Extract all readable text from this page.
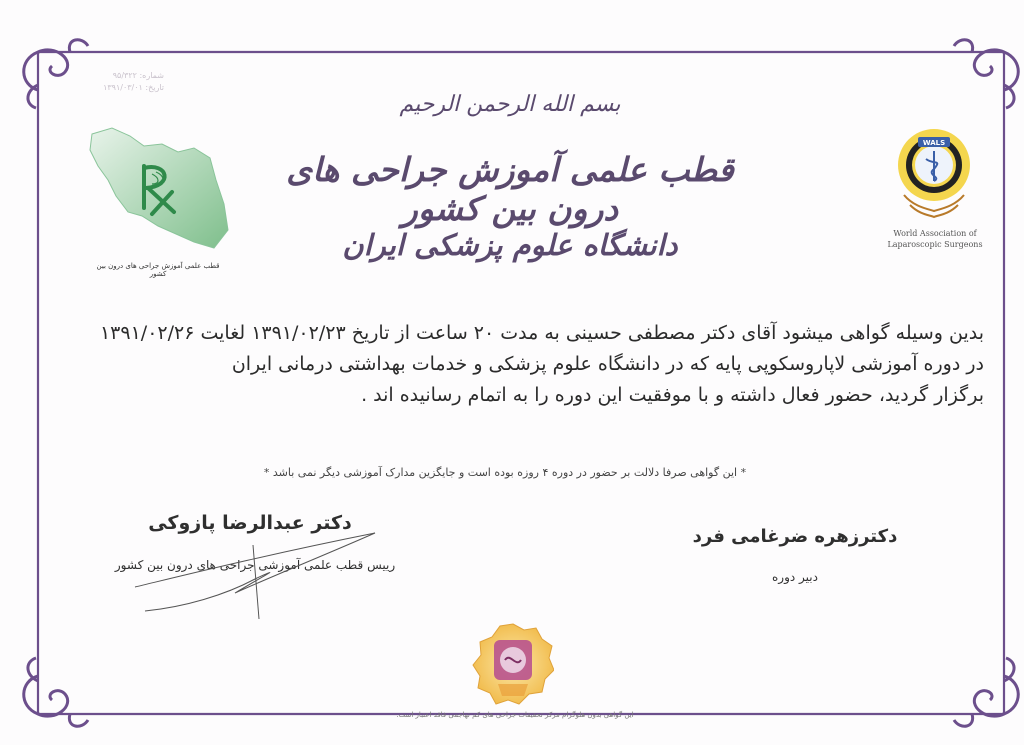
شماره: ۹۵/۳۲۲
تاریخ: ۱۳۹۱/۰۳/۰۱
بسم الله الرحمن الرحیم
قطب علمی آموزش جراحی های درون بین کشور
دانشگاه علوم پزشکی ایران
قطب علمی آموزش جراحی های درون بین کشور
WALS
World Association of
Laparoscopic Surgeons
بدین وسیله گواهی میشود آقای دکتر مصطفی حسینی به مدت ۲۰ ساعت از تاریخ ۱۳۹۱/۰۲/۲۳ لغایت ۱۳۹۱/۰۲/۲۶
در دوره آموزشی لاپاروسکوپی پایه که در دانشگاه علوم پزشکی و خدمات بهداشتی درمانی ایران
برگزار گردید، حضور فعال داشته و با موفقیت این دوره را به اتمام رسانیده اند .
* این گواهی صرفا دلالت بر حضور در دوره ۴ روزه بوده است و جایگزین مدارک آموزشی دیگر نمی باشد *
دکتر عبدالرضا پازوکی
رییس قطب علمی آموزشی جراحی های درون بین کشور
دکترزهره ضرغامی فرد
دبیر دوره
این گواهی بدون هلوگرام مرکز تحقیقات جراحی های کم تهاجمی فاقد اعتبار است.
